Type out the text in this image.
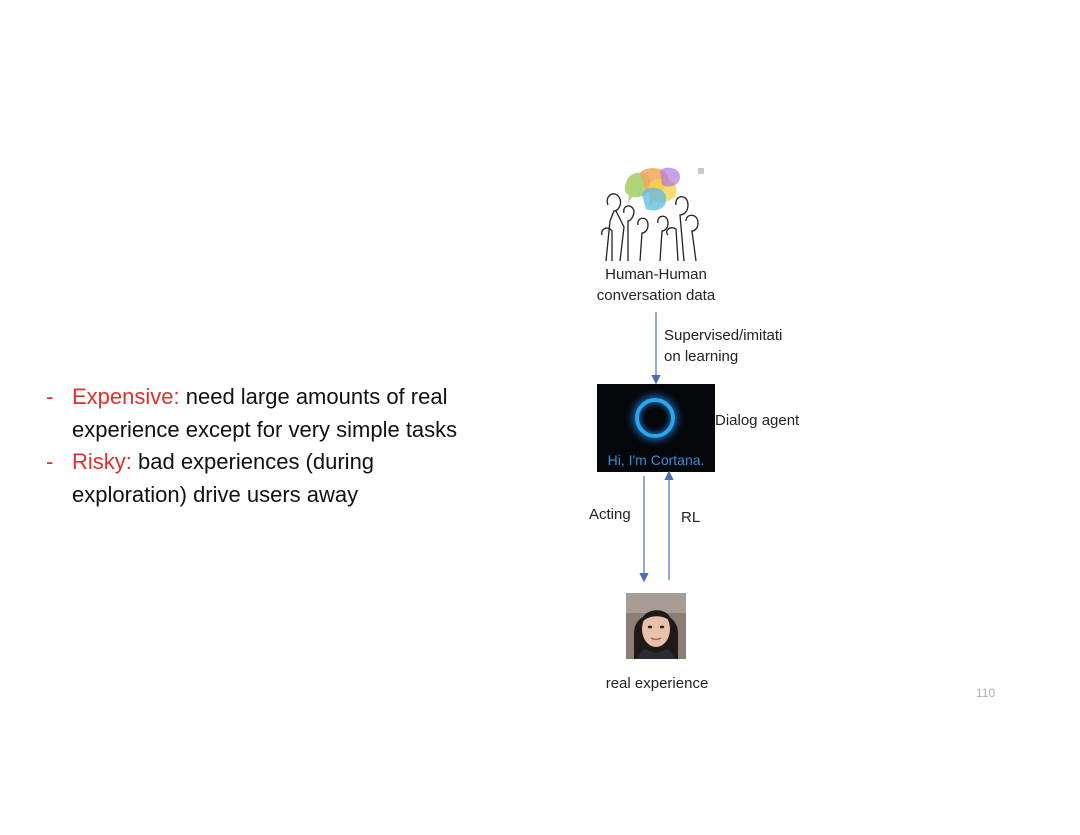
- Expensive: need large amounts of real
experience except for very simple tasks
- Risky: bad experiences (during
exploration) drive users away
Human-Human
conversation data
Supervised/imitati
on learning
Hi, I'm Cortana.
Dialog agent
Acting	RL
real experience
110
